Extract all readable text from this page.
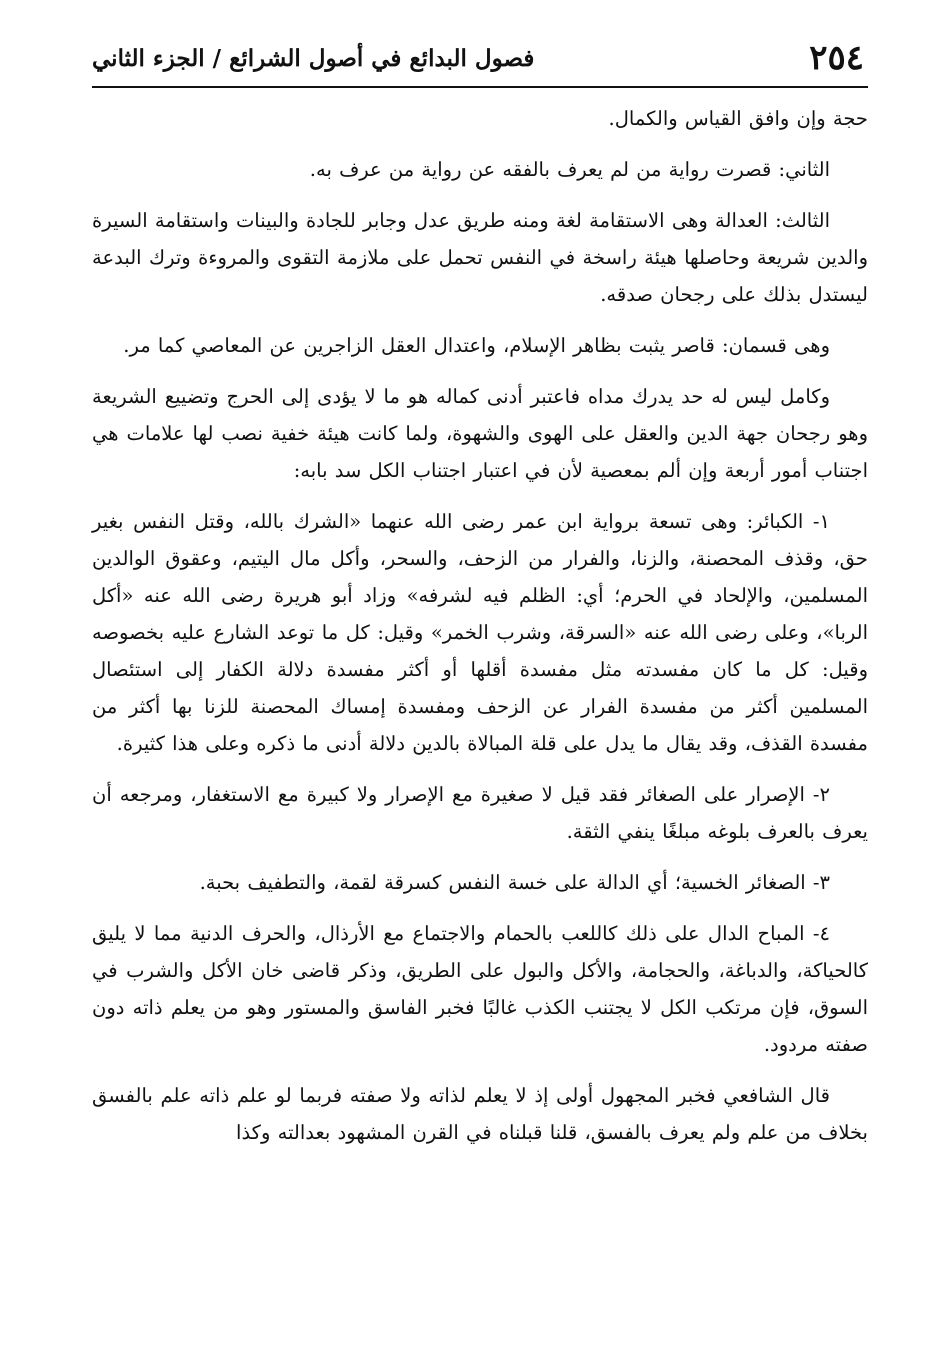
٢٥٤
فصول البدائع في أصول الشرائع / الجزء الثاني

حجة وإن وافق القياس والكمال.

الثاني: قصرت رواية من لم يعرف بالفقه عن رواية من عرف به.

الثالث: العدالة وهى الاستقامة لغة ومنه طريق عدل وجابر للجادة والبينات واستقامة السيرة والدين شريعة وحاصلها هيئة راسخة في النفس تحمل على ملازمة التقوى والمروءة وترك البدعة ليستدل بذلك على رجحان صدقه.

وهى قسمان: قاصر يثبت بظاهر الإسلام، واعتدال العقل الزاجرين عن المعاصي كما مر.

وكامل ليس له حد يدرك مداه فاعتبر أدنى كماله هو ما لا يؤدى إلى الحرج وتضييع الشريعة وهو رجحان جهة الدين والعقل على الهوى والشهوة، ولما كانت هيئة خفية نصب لها علامات هي اجتناب أمور أربعة وإن ألم بمعصية لأن في اعتبار اجتناب الكل سد بابه:

١- الكبائر: وهى تسعة برواية ابن عمر رضى الله عنهما «الشرك بالله، وقتل النفس بغير حق، وقذف المحصنة، والزنا، والفرار من الزحف، والسحر، وأكل مال اليتيم، وعقوق الوالدين المسلمين، والإلحاد في الحرم؛ أي: الظلم فيه لشرفه» وزاد أبو هريرة رضى الله عنه «أكل الربا»، وعلى رضى الله عنه «السرقة، وشرب الخمر» وقيل: كل ما توعد الشارع عليه بخصوصه وقيل: كل ما كان مفسدته مثل مفسدة أقلها أو أكثر مفسدة دلالة الكفار إلى استئصال المسلمين أكثر من مفسدة الفرار عن الزحف ومفسدة إمساك المحصنة للزنا بها أكثر من مفسدة القذف، وقد يقال ما يدل على قلة المبالاة بالدين دلالة أدنى ما ذكره وعلى هذا كثيرة.

٢- الإصرار على الصغائر فقد قيل لا صغيرة مع الإصرار ولا كبيرة مع الاستغفار، ومرجعه أن يعرف بالعرف بلوغه مبلغًا ينفي الثقة.

٣- الصغائر الخسية؛ أي الدالة على خسة النفس كسرقة لقمة، والتطفيف بحبة.

٤- المباح الدال على ذلك كاللعب بالحمام والاجتماع مع الأرذال، والحرف الدنية مما لا يليق كالحياكة، والدباغة، والحجامة، والأكل والبول على الطريق، وذكر قاضى خان الأكل والشرب في السوق، فإن مرتكب الكل لا يجتنب الكذب غالبًا فخبر الفاسق والمستور وهو من يعلم ذاته دون صفته مردود.

قال الشافعي فخبر المجهول أولى إذ لا يعلم لذاته ولا صفته فربما لو علم ذاته علم بالفسق بخلاف من علم ولم يعرف بالفسق، قلنا قبلناه في القرن المشهود بعدالته وكذا
